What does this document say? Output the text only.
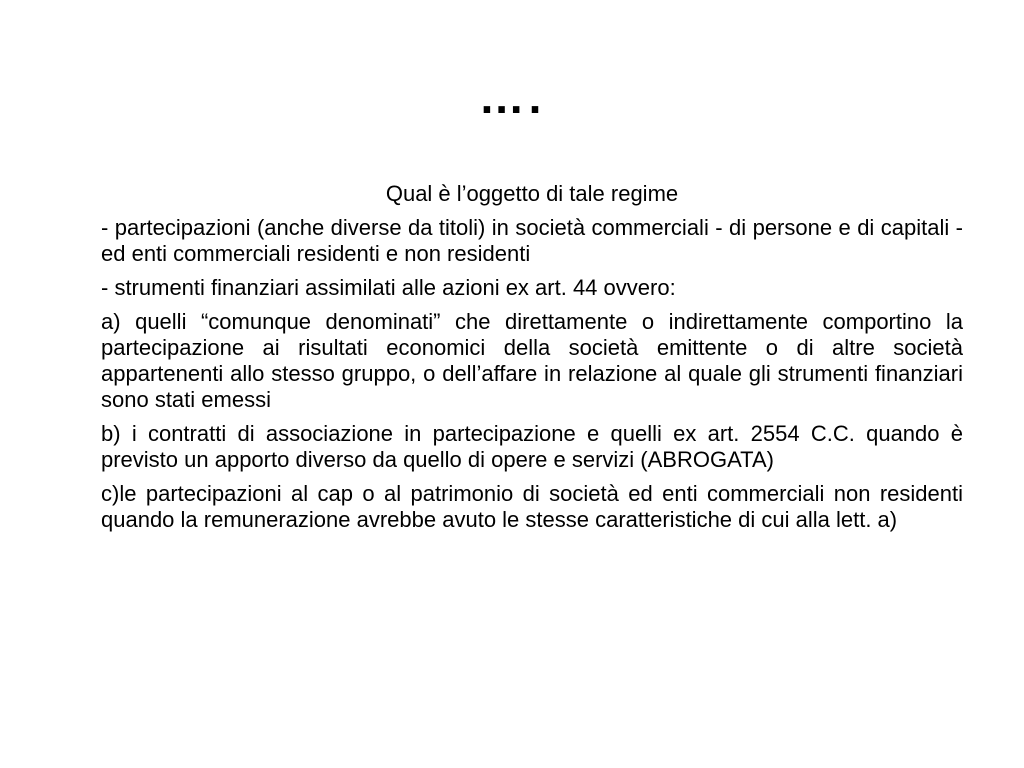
….

Qual è l’oggetto di tale regime

- partecipazioni (anche diverse da titoli) in società commerciali - di persone e di capitali - ed enti commerciali residenti e non residenti

- strumenti finanziari assimilati alle azioni ex art. 44 ovvero:

a) quelli “comunque denominati” che direttamente o indirettamente comportino la partecipazione ai risultati economici della società emittente o di altre società appartenenti allo stesso gruppo, o dell’affare in relazione al quale gli strumenti finanziari sono stati emessi

b) i contratti di associazione in partecipazione e quelli ex art. 2554 C.C. quando è previsto un apporto diverso da quello di opere e servizi (ABROGATA)

c)le partecipazioni al cap o al patrimonio di società ed enti commerciali non residenti quando la remunerazione avrebbe avuto le stesse caratteristiche di cui alla lett. a)
